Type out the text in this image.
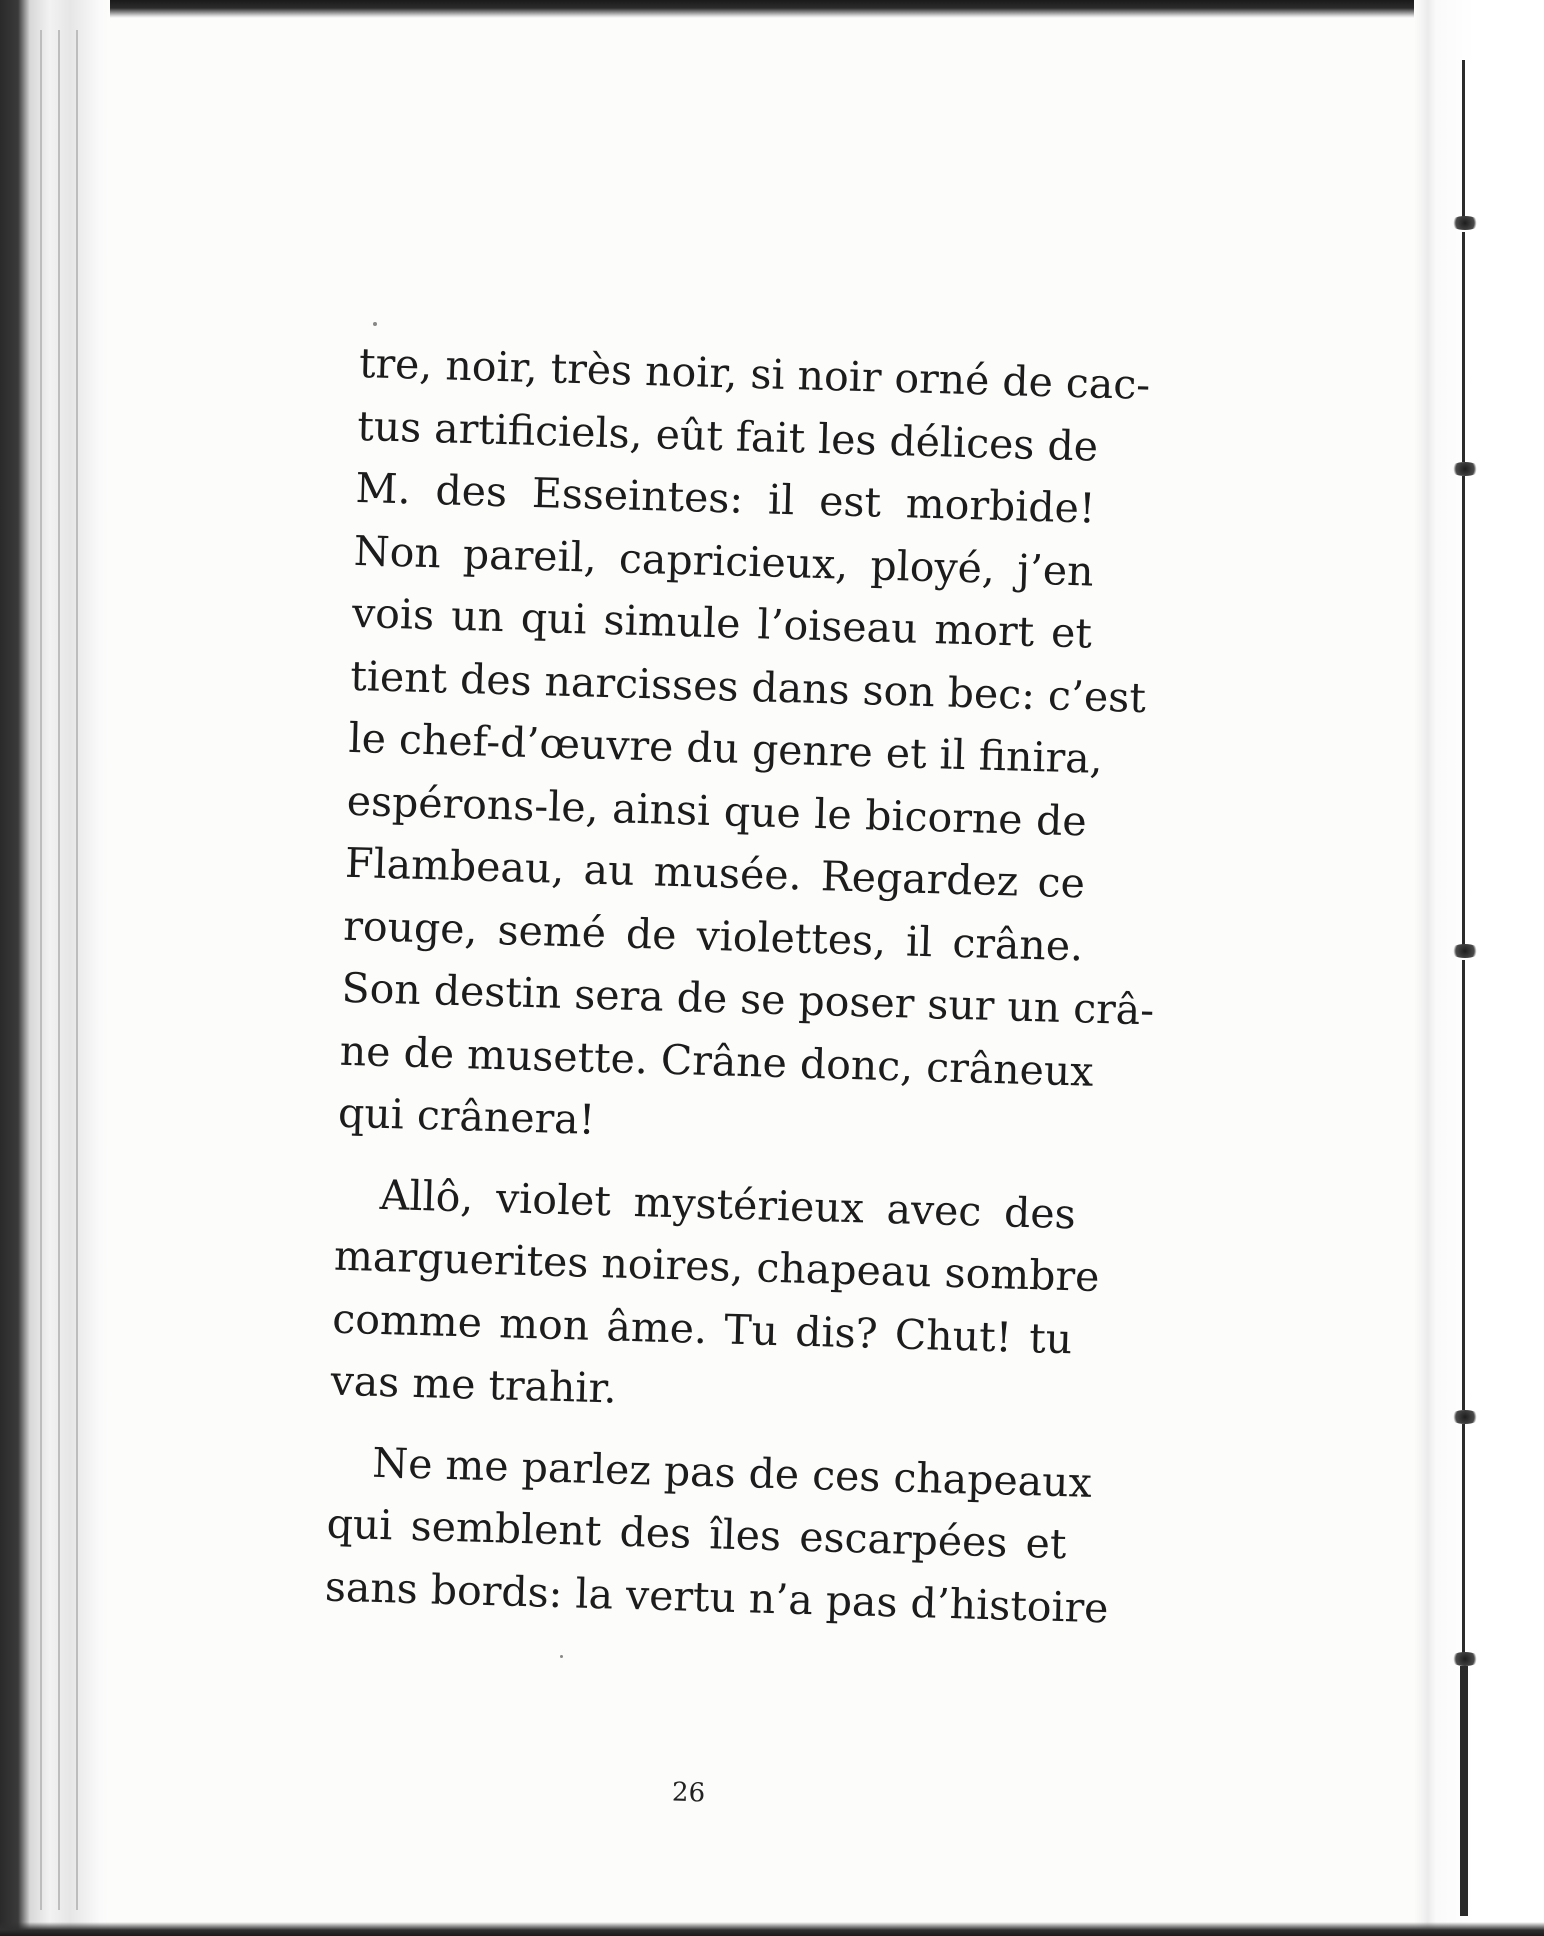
tre, noir, très noir, si noir orné de cac-
tus artificiels, eût fait les délices de
M. des Esseintes: il est morbide!
Non pareil, capricieux, ployé, j’en
vois un qui simule l’oiseau mort et
tient des narcisses dans son bec: c’est
le chef-d’œuvre du genre et il finira,
espérons-le, ainsi que le bicorne de
Flambeau, au musée. Regardez ce
rouge, semé de violettes, il crâne.
Son destin sera de se poser sur un crâ-
ne de musette. Crâne donc, crâneux
qui crânera!
Allô, violet mystérieux avec des
marguerites noires, chapeau sombre
comme mon âme. Tu dis? Chut! tu
vas me trahir.
Ne me parlez pas de ces chapeaux
qui semblent des îles escarpées et
sans bords: la vertu n’a pas d’histoire
26
